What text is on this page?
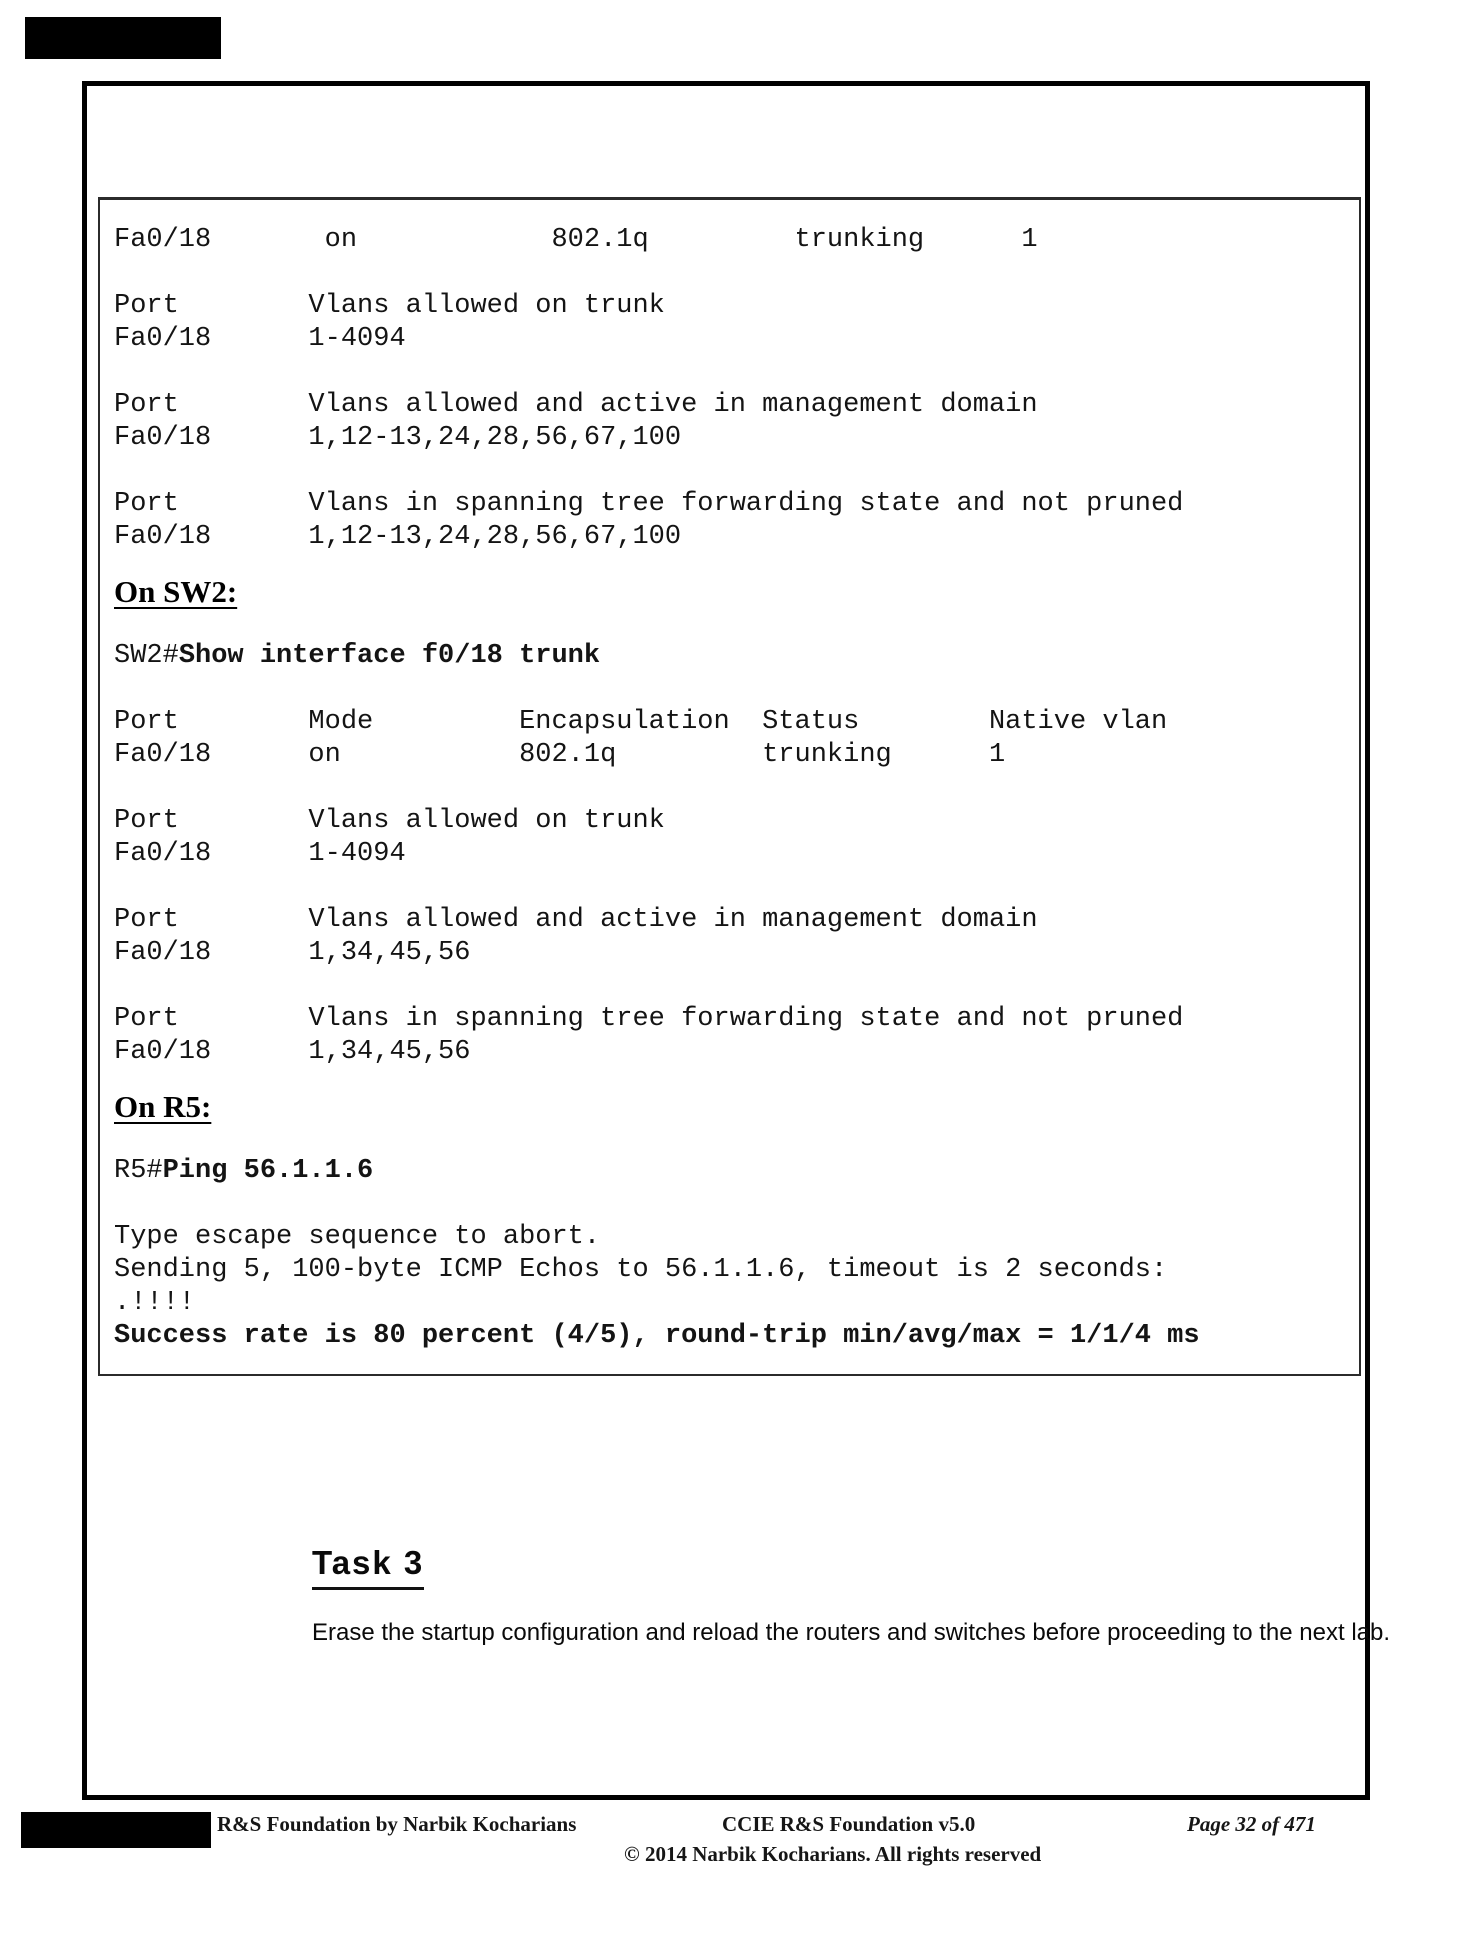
Fa0/18       on            802.1q         trunking      1
Port        Vlans allowed on trunk
Fa0/18      1-4094
Port        Vlans allowed and active in management domain
Fa0/18      1,12-13,24,28,56,67,100
Port        Vlans in spanning tree forwarding state and not pruned
Fa0/18      1,12-13,24,28,56,67,100
On SW2:
SW2#Show interface f0/18 trunk
Port        Mode         Encapsulation  Status        Native vlan
Fa0/18      on           802.1q         trunking      1
Port        Vlans allowed on trunk
Fa0/18      1-4094
Port        Vlans allowed and active in management domain
Fa0/18      1,34,45,56
Port        Vlans in spanning tree forwarding state and not pruned
Fa0/18      1,34,45,56
On R5:
R5#Ping 56.1.1.6
Type escape sequence to abort.
Sending 5, 100-byte ICMP Echos to 56.1.1.6, timeout is 2 seconds:
.!!!!
Success rate is 80 percent (4/5), round-trip min/avg/max = 1/1/4 ms
Task 3
Erase the startup configuration and reload the routers and switches before proceeding to the next lab.
R&S Foundation by Narbik Kocharians	CCIE R&S Foundation v5.0	Page 32 of 471
© 2014 Narbik Kocharians. All rights reserved
